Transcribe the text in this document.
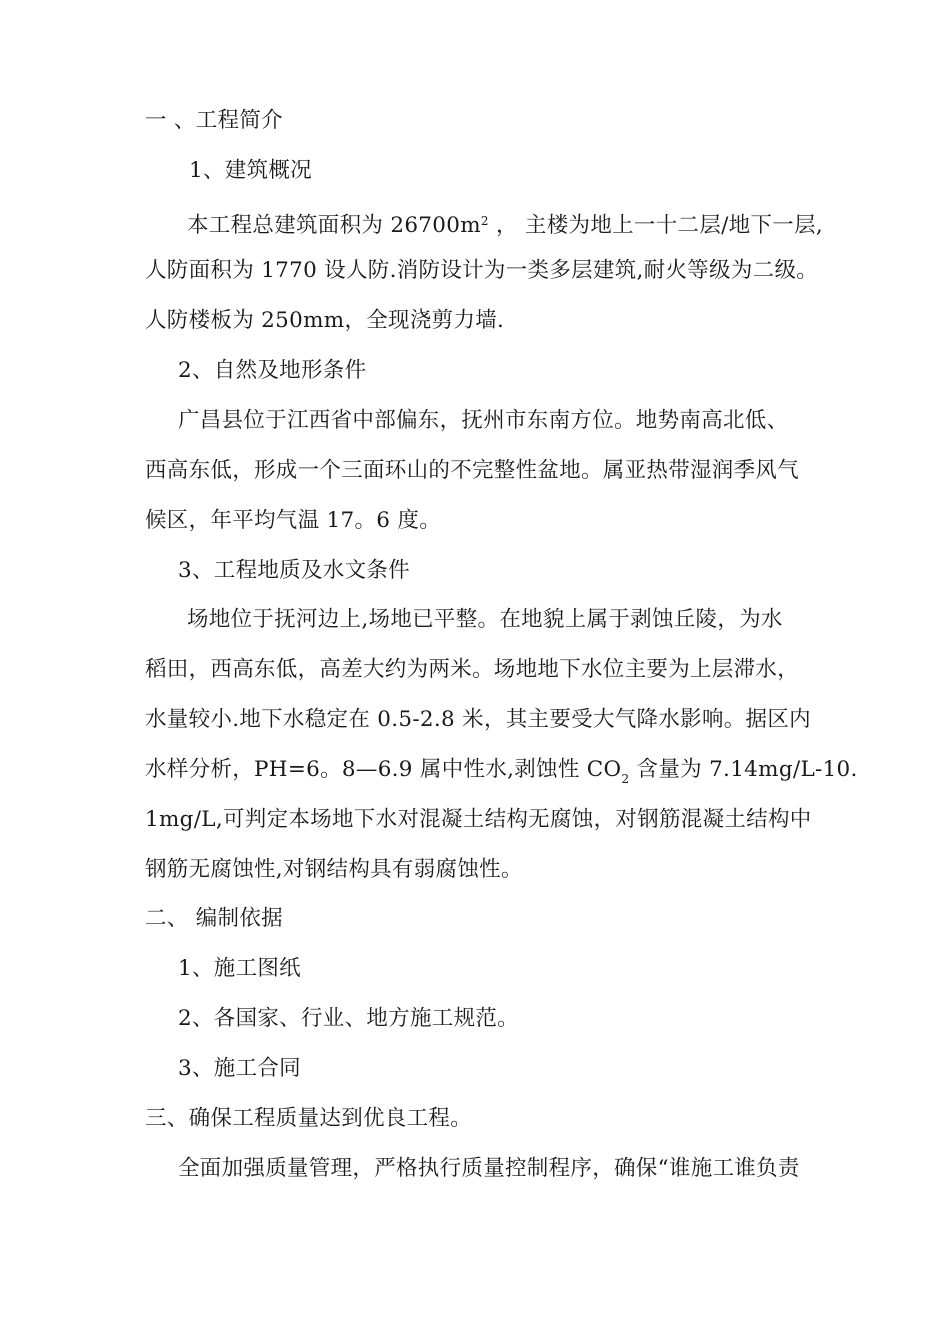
一 、工程简介
1、建筑概况
本工程总建筑面积为 $26700m^2$ ， 主楼为地上一十二层/地下一层,
人防面积为 1770 设人防.消防设计为一类多层建筑,耐火等级为二级。
人防楼板为 250mm，全现浇剪力墙.
2、自然及地形条件
广昌县位于江西省中部偏东，抚州市东南方位。地势南高北低、
西高东低，形成一个三面环山的不完整性盆地。属亚热带湿润季风气
候区，年平均气温 17。6 度。
3、工程地质及水文条件
场地位于抚河边上,场地已平整。在地貌上属于剥蚀丘陵，为水
稻田，西高东低，高差大约为两米。场地地下水位主要为上层滞水，
水量较小.地下水稳定在 0.5-2.8 米，其主要受大气降水影响。据区内
水样分析，PH=6。8—6.9 属中性水,剥蚀性 $CO_2$ 含量为 7.14mg/L-10.
1mg/L,可判定本场地下水对混凝土结构无腐蚀，对钢筋混凝土结构中
钢筋无腐蚀性,对钢结构具有弱腐蚀性。
二、 编制依据
1、施工图纸
2、各国家、行业、地方施工规范。
3、施工合同
三、确保工程质量达到优良工程。
全面加强质量管理，严格执行质量控制程序，确保“谁施工谁负责
